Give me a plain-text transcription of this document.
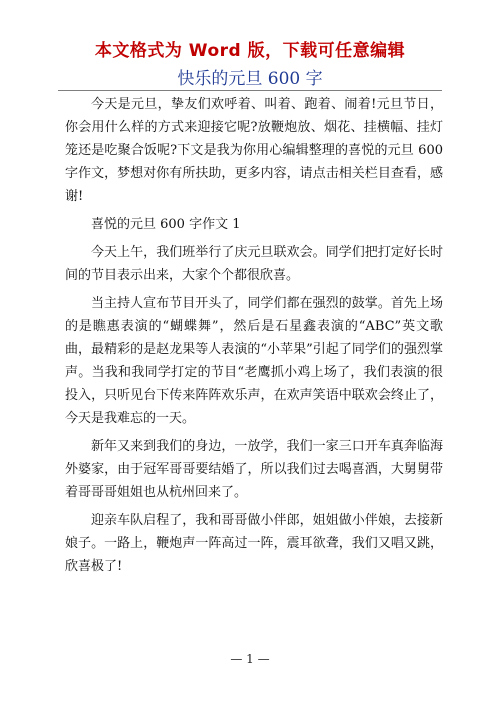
本文格式为 Word 版，下载可任意编辑
快乐的元旦 600 字

今天是元旦，挚友们欢呼着、叫着、跑着、闹着!元旦节日，你会用什么样的方式来迎接它呢?放鞭炮放、烟花、挂横幅、挂灯笼还是吃聚合饭呢?下文是我为你用心编辑整理的喜悦的元旦 600 字作文，梦想对你有所扶助，更多内容，请点击相关栏目查看，感谢!

喜悦的元旦 600 字作文 1

今天上午，我们班举行了庆元旦联欢会。同学们把打定好长时间的节目表示出来，大家个个都很欣喜。

当主持人宣布节目开头了，同学们都在强烈的鼓掌。首先上场的是瞧惠表演的“蝴蝶舞”，然后是石星鑫表演的“ABC”英文歌曲，最精彩的是赵龙果等人表演的“小苹果”引起了同学们的强烈掌声。当我和我同学打定的节目“老鹰抓小鸡上场了，我们表演的很投入，只听见台下传来阵阵欢乐声，在欢声笑语中联欢会终止了，今天是我难忘的一天。

新年又来到我们的身边，一放学，我们一家三口开车真奔临海外婆家，由于冠军哥哥要结婚了，所以我们过去喝喜酒，大舅舅带着哥哥哥姐姐也从杭州回来了。

迎亲车队启程了，我和哥哥做小伴郎，姐姐做小伴娘，去接新娘子。一路上，鞭炮声一阵高过一阵，震耳欲聋，我们又唱又跳，欣喜极了!

— 1 —
